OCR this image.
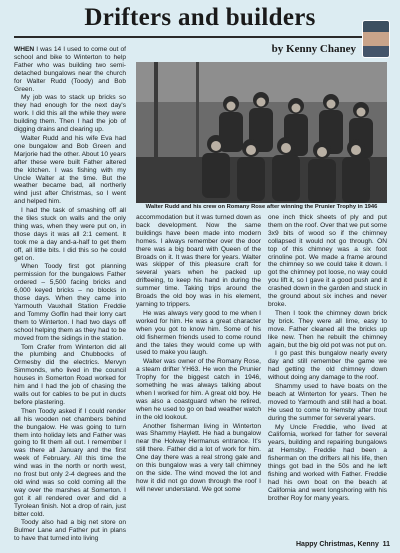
Drifters and builders
by Kenny Chaney

WHEN I was 14 I used to come out of school and bike to Winterton to help Father who was building two semi-detached bungalows near the church for Walter Rudd (Toody) and Bob Green.

My job was to stack up bricks so they had enough for the next day's work. I did this all the while they were building them. Then I had the job of digging drains and clearing up.

Walter Rudd and his wife Eva had one bungalow and Bob Green and Marjorie had the other. About 10 years after these were built Father altered the kitchen. I was fishing with my Uncle Walter at the time. But the weather became bad, all northerly wind just after Christmas, so I went and helped him.

I had the task of smashing off all the tiles stuck on walls and the only thing was, when they were put on, in those days it was all 2:1 cement. It took me a day and-a-half to get them off, all little bits. I did this so he could get on.

When Toody first got planning permission for the bungalows Father ordered – 5,500 facing bricks and 6,000 keyed bricks – no blocks in those days. When they came into Yarmouth Vauxhall Station Freddie and Tommy Goffin had their lorry cart them to Winterton. I had two days off school helping them as they had to be moved from the sidings in the station.

Tom Crafer from Winterton did all the plumbing and Chubbocks of Ormesby did the electrics. Mervyn Simmonds, who lived in the council houses in Somerton Road worked for him and I had the job of chasing the walls out for cables to be put in ducts before plastering.

Then Toody asked if I could render all his wooden net chambers behind the bungalow. He was going to turn them into holiday lets and Father was going to fit them all out. I remember I was there all January and the first week of February. All this time the wind was in the north or north west, no frost but only 2-4 degrees and the old wind was so cold coming all the way over the marshes at Somerton. I got it all rendered over and did a Tyrolean finish. Not a drop of rain, just bitter cold.

Toody also had a big net store on Bulmer Lane and Father put in plans to have that turned into living

Walter Rudd and his crew on Romany Rose after winning the Prunier Trophy in 1946

accommodation but it was turned down as back development. Now the same buildings have been made into modern homes. I always remember over the door there was a big board with Queen of the Broads on it. It was there for years. Walter was skipper of this pleasure craft for several years when he packed up drifteeing, to keep his hand in during the summer time. Taking trips around the Broads the old boy was in his element, yarning to trippers.

He was always very good to me when I worked for him. He was a great character when you got to know him. Some of his old fishermen friends used to come round and the tales they would come up with used to make you laugh.

Walter was owner of the Romany Rose, a steam drifter YH63. He won the Prunier Trophy for the biggest catch in 1946, something he was always talking about when I worked for him. A great old boy. He was also a coastguard when he retired, when he used to go on bad weather watch in the old lookout.

Another fisherman living in Winterton was Shammy Haylett. He had a bungalow near the Holway Hermanus entrance. It's still there. Father did a lot of work for him. One day there was a real strong gale and on this bungalow was a very tall chimney on the side. The wind moved the lot and how it did not go down through the roof I will never understand. We got some

one inch thick sheets of ply and put them on the roof. Over that we put some 3x9 bits of wood so if the chimney collapsed it would not go through. ON top of this chimney was a six foot crinoline pot. We made a frame around the chimney so we could take it down. I got the chimney pot loose, no way could you lift it, so I gave it a good push and it crashed down in the garden and stuck in the ground about six inches and never broke.

Then I took the chimney down brick by brick. They were all lime, easy to move. Father cleaned all the bricks up like new. Then he rebuilt the chimney again, but the big old pot was not put on.

I go past this bungalow nearly every day and still remember the game we had getting the old chimney down without doing any damage to the roof.

Shammy used to have boats on the beach at Winterton for years. Then he moved to Yarmouth and still had a boat. He used to come to Hemsby after trout during the summer for several years.

My Uncle Freddie, who lived at California, worked for father for several years, building and repairing bungalows at Hemsby. Freddie had been a fisherman on the drifters all his life, then things got bad in the 50s and he left fishing and worked with Father. Freddie had his own boat on the beach at California and went longshoring with his brother Roy for many years.

Happy Christmas, Kenny 11
